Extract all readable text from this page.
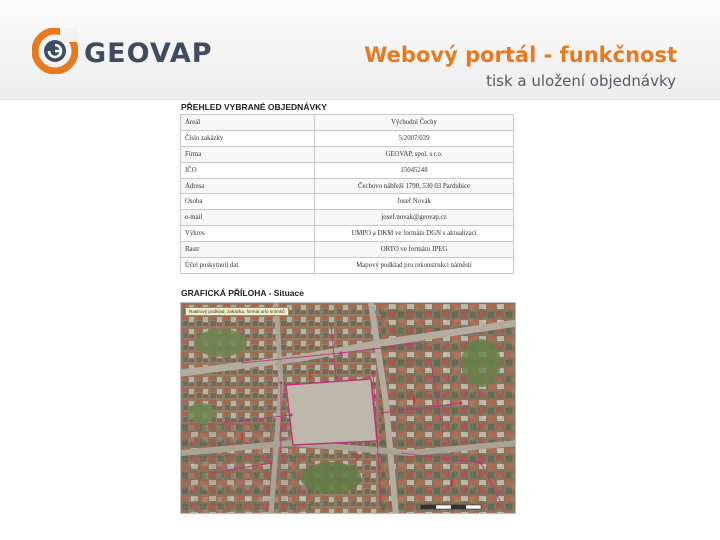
GEOVAP	Webový portál - funkčnost
tisk a uložení objednávky
PŘEHLED VYBRANÉ OBJEDNÁVKY
Areál	Východní Čechy
Číslo zakázky	5/2007/039
Firma	GEOVAP, spol. s r.o.
IČO	15045248
Adresa	Čechovo nábřeží 1790, 530 03 Pardubice
Osoba	Josef Novák
e-mail	josef.novak@geovap.cz
Výkres	UMPO a DKM ve formátu DGN s aktualizací
Rastr	ORTO ve formátu JPEG
Účel poskytnutí dat	Mapový podklad pro rekonstrukci náměstí
GRAFICKÁ PŘÍLOHA - Situace
Rastrový podklad, zakázka, formát orto snímků
